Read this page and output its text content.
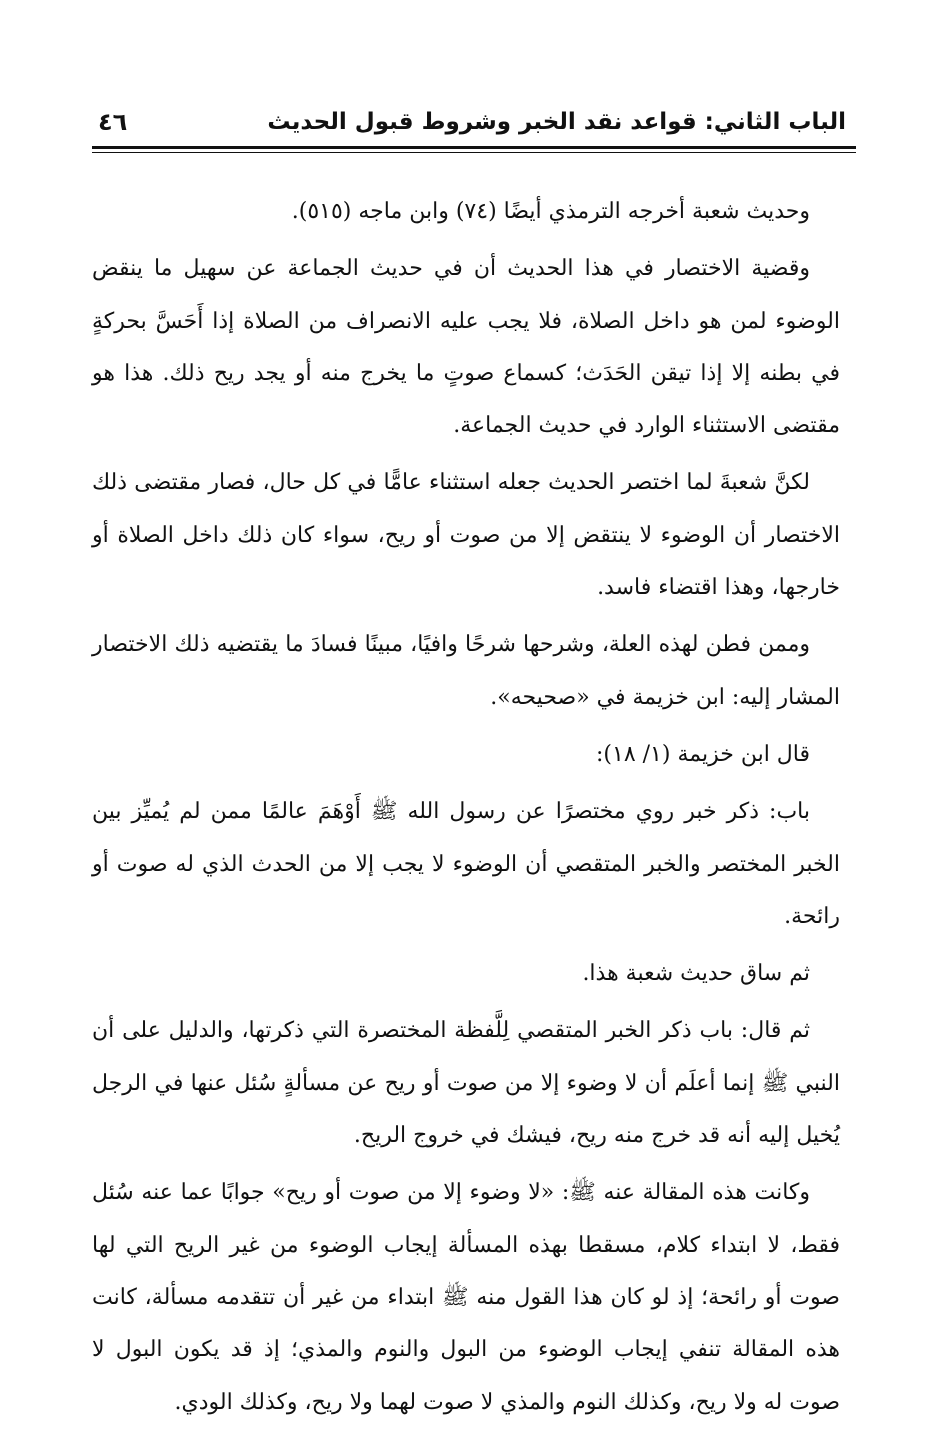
الباب الثاني: قواعد نقد الخبر وشروط قبول الحديث
٤٦

وحديث شعبة أخرجه الترمذي أيضًا (٧٤) وابن ماجه (٥١٥).

وقضية الاختصار في هذا الحديث أن في حديث الجماعة عن سهيل ما ينقض الوضوء لمن هو داخل الصلاة، فلا يجب عليه الانصراف من الصلاة إذا أَحَسَّ بحركةٍ في بطنه إلا إذا تيقن الحَدَث؛ كسماع صوتٍ ما يخرج منه أو يجد ريح ذلك. هذا هو مقتضى الاستثناء الوارد في حديث الجماعة.

لكنَّ شعبةَ لما اختصر الحديث جعله استثناء عامًّا في كل حال، فصار مقتضى ذلك الاختصار أن الوضوء لا ينتقض إلا من صوت أو ريح، سواء كان ذلك داخل الصلاة أو خارجها، وهذا اقتضاء فاسد.

وممن فطن لهذه العلة، وشرحها شرحًا وافيًا، مبينًا فسادَ ما يقتضيه ذلك الاختصار المشار إليه: ابن خزيمة في «صحيحه».

قال ابن خزيمة (١/ ١٨):

باب: ذكر خبر روي مختصرًا عن رسول الله ﷺ أَوْهَمَ عالمًا ممن لم يُميِّز بين الخبر المختصر والخبر المتقصي أن الوضوء لا يجب إلا من الحدث الذي له صوت أو رائحة.

ثم ساق حديث شعبة هذا.

ثم قال: باب ذكر الخبر المتقصي لِلَّفظة المختصرة التي ذكرتها، والدليل على أن النبي ﷺ إنما أعلَم أن لا وضوء إلا من صوت أو ريح عن مسألةٍ سُئل عنها في الرجل يُخيل إليه أنه قد خرج منه ريح، فيشك في خروج الريح.

وكانت هذه المقالة عنه ﷺ: «لا وضوء إلا من صوت أو ريح» جوابًا عما عنه سُئل فقط، لا ابتداء كلام، مسقطا بهذه المسألة إيجاب الوضوء من غير الريح التي لها صوت أو رائحة؛ إذ لو كان هذا القول منه ﷺ ابتداء من غير أن تتقدمه مسألة، كانت هذه المقالة تنفي إيجاب الوضوء من البول والنوم والمذي؛ إذ قد يكون البول لا صوت له ولا ريح، وكذلك النوم والمذي لا صوت لهما ولا ريح، وكذلك الودي.
